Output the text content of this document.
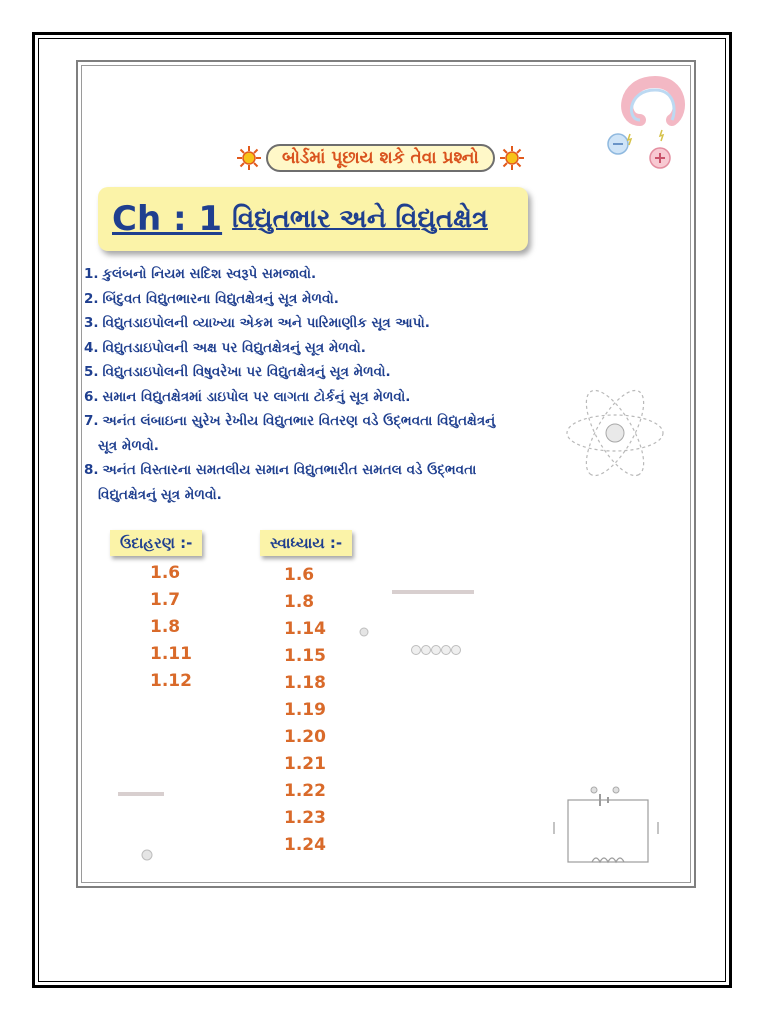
બોર્ડમાં પૂછાય શકે તેવા પ્રશ્નો
Ch : 1 વિદ્યુતભાર અને વિદ્યુતક્ષેત્ર
1. કુલંબનો નિયમ સદિશ સ્વરૂપે સમજાવો.
2. બિંદુવત વિદ્યુતભારના વિદ્યુતક્ષેત્રનું સૂત્ર મેળવો.
3. વિદ્યુતડાઇપોલની વ્યાખ્યા એકમ અને પારિમાણીક સૂત્ર આપો.
4. વિદ્યુતડાઇપોલની અક્ષ પર વિદ્યુતક્ષેત્રનું સૂત્ર મેળવો.
5. વિદ્યુતડાઇપોલની વિષુવરેખા પર વિદ્યુતક્ષેત્રનું સૂત્ર મેળવો.
6. સમાન વિદ્યુતક્ષેત્રમાં ડાઇપોલ પર લાગતા ટોર્કનું સૂત્ર મેળવો.
7. અનંત લંબાઇના સુરેખ રેખીય વિદ્યુતભાર વિતરણ વડે ઉદ્ભવતા વિદ્યુતક્ષેત્રનું
સૂત્ર મેળવો.
8. અનંત વિસ્તારના સમતલીય સમાન વિદ્યુતભારીત સમતલ વડે ઉદ્ભવતા
વિદ્યુતક્ષેત્રનું સૂત્ર મેળવો.
ઉદાહરણ :-
1.6
1.7
1.8
1.11
1.12
સ્વાધ્યાય :-
1.6
1.8
1.14
1.15
1.18
1.19
1.20
1.21
1.22
1.23
1.24
